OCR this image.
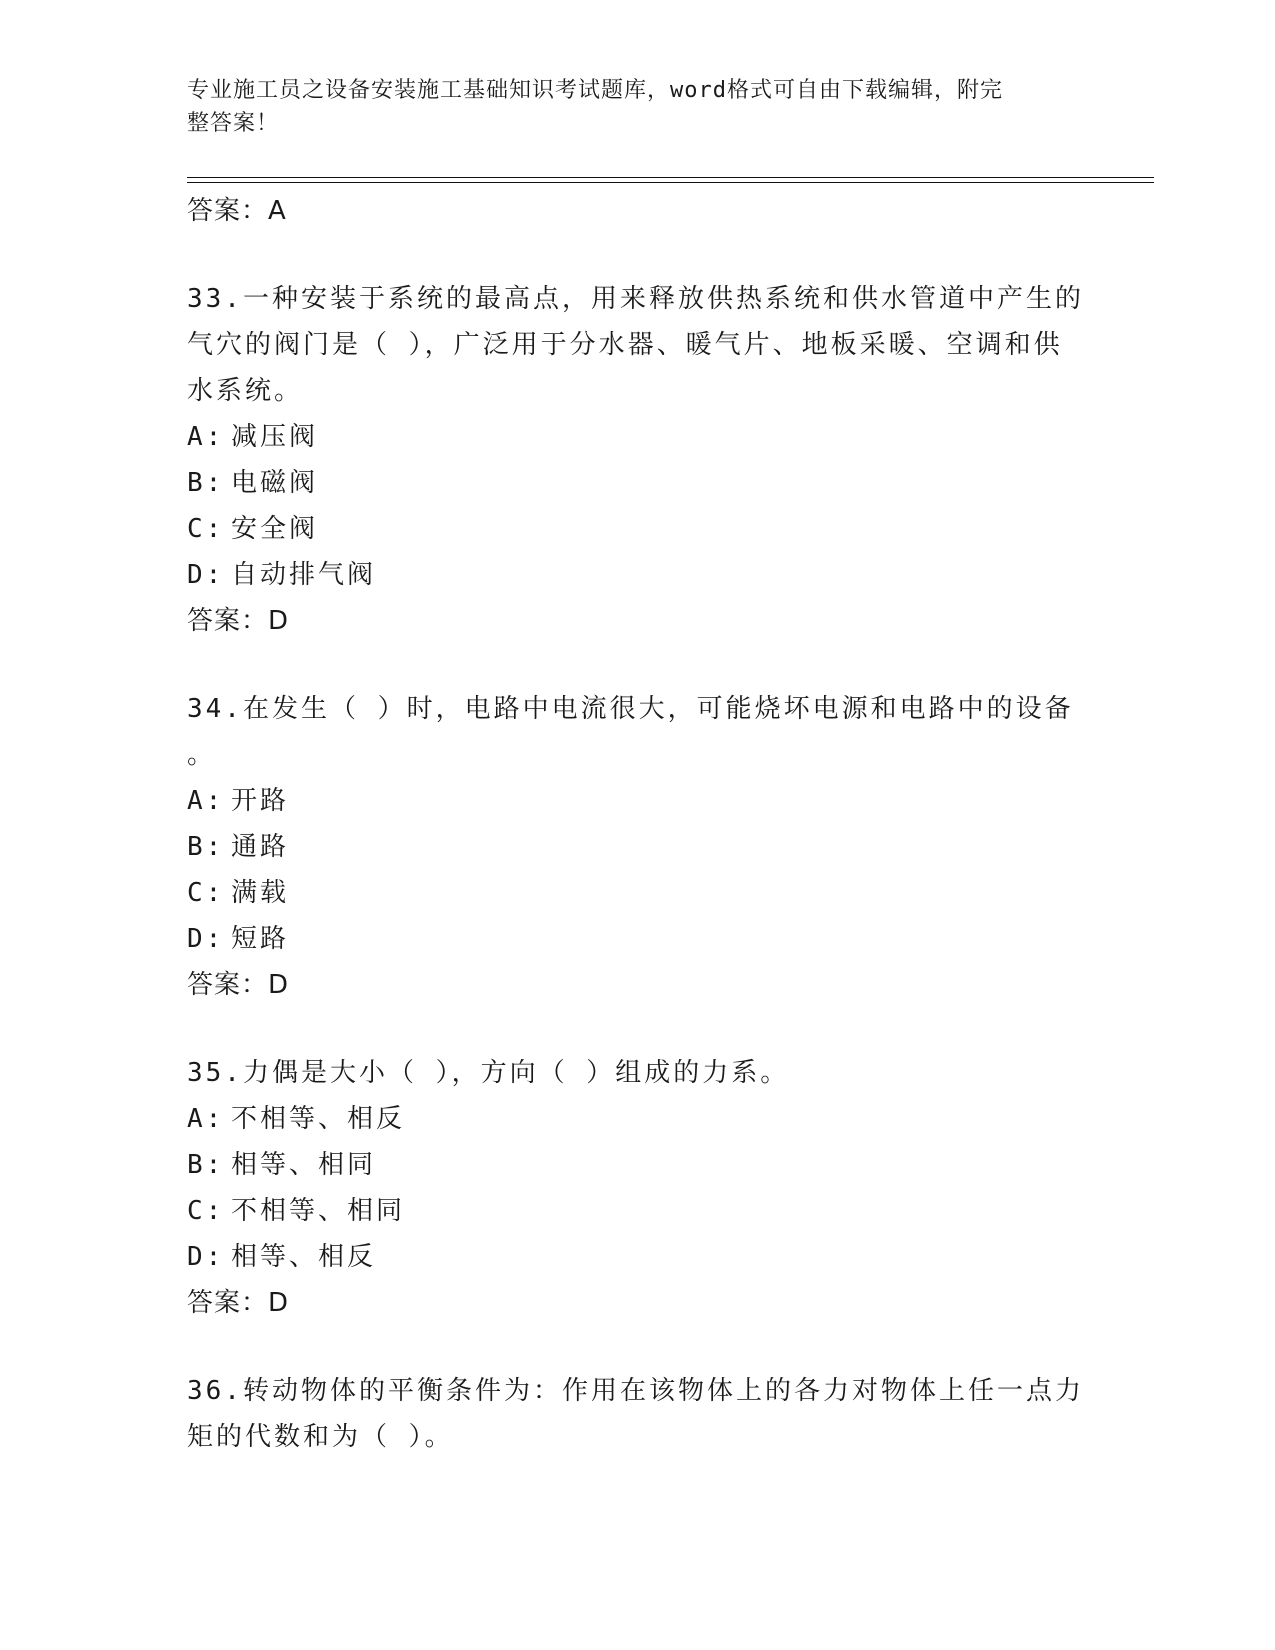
专业施工员之设备安装施工基础知识考试题库，word格式可自由下载编辑，附完
整答案！
答案：A
33.一种安装于系统的最高点，用来释放供热系统和供水管道中产生的
气穴的阀门是（ ），广泛用于分水器、暖气片、地板采暖、空调和供
水系统。
A: 减压阀
B: 电磁阀
C: 安全阀
D: 自动排气阀
答案：D
34.在发生（ ）时，电路中电流很大，可能烧坏电源和电路中的设备
。
A: 开路
B: 通路
C: 满载
D: 短路
答案：D
35.力偶是大小（ ），方向（ ）组成的力系。
A: 不相等、相反
B: 相等、相同
C: 不相等、相同
D: 相等、相反
答案：D
36.转动物体的平衡条件为：作用在该物体上的各力对物体上任一点力
矩的代数和为（ ）。
